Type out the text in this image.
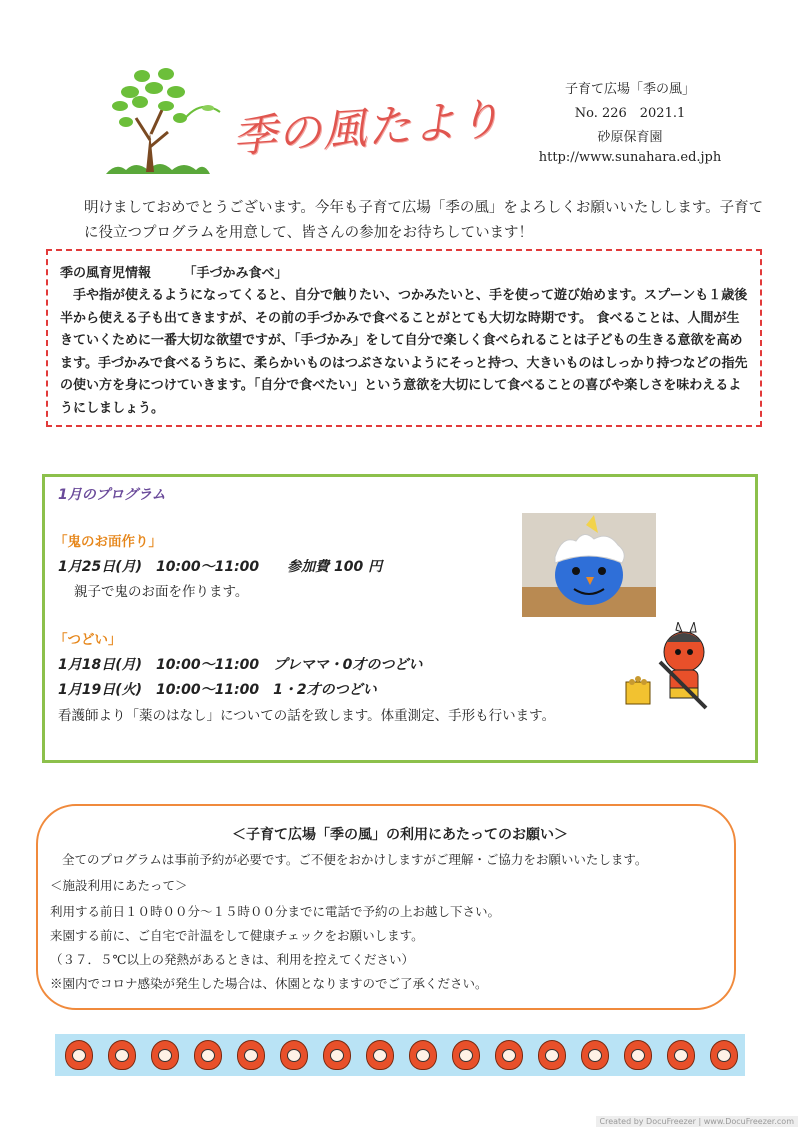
季の風たより
子育て広場「季の風」
No. 226　2021.1
砂原保育園
http://www.sunahara.ed.jph
明けましておめでとうございます。今年も子育て広場「季の風」をよろしくお願いいたしします。子育てに役立つプログラムを用意して、皆さんの参加をお待ちしています！
季の風育児情報　　　「手づかみ食べ」
手や指が使えるようになってくると、自分で触りたい、つかみたいと、手を使って遊び始めます。スプーンも１歳後半から使える子も出てきますが、その前の手づかみで食べることがとても大切な時期です。 食べることは、人間が生きていくために一番大切な欲望ですが、「手づかみ」をして自分で楽しく食べられることは子どもの生きる意欲を高めます。手づかみで食べるうちに、柔らかいものはつぶさないようにそっと持つ、大きいものはしっかり持つなどの指先の使い方を身につけていきます。「自分で食べたい」という意欲を大切にして食べることの喜びや楽しさを味わえるようにしましょう。
1月のプログラム
「鬼のお面作り」
1月25日(月)　10:00～11:00　　参加費 100 円
親子で鬼のお面を作ります。
「つどい」
1月18日(月)　10:00～11:00　プレママ・0才のつどい
1月19日(火)　10:00～11:00　1・2才のつどい
看護師より「薬のはなし」についての話を致します。体重測定、手形も行います。
＜子育て広場「季の風」の利用にあたってのお願い＞
全てのプログラムは事前予約が必要です。ご不便をおかけしますがご理解・ご協力をお願いいたします。
＜施設利用にあたって＞
利用する前日１０時００分～１５時００分までに電話で予約の上お越し下さい。
来園する前に、ご自宅で計温をして健康チェックをお願いします。
（３７．５℃以上の発熱があるときは、利用を控えてください）
※園内でコロナ感染が発生した場合は、休園となりますのでご了承ください。
Created by DocuFreezer | www.DocuFreezer.com
